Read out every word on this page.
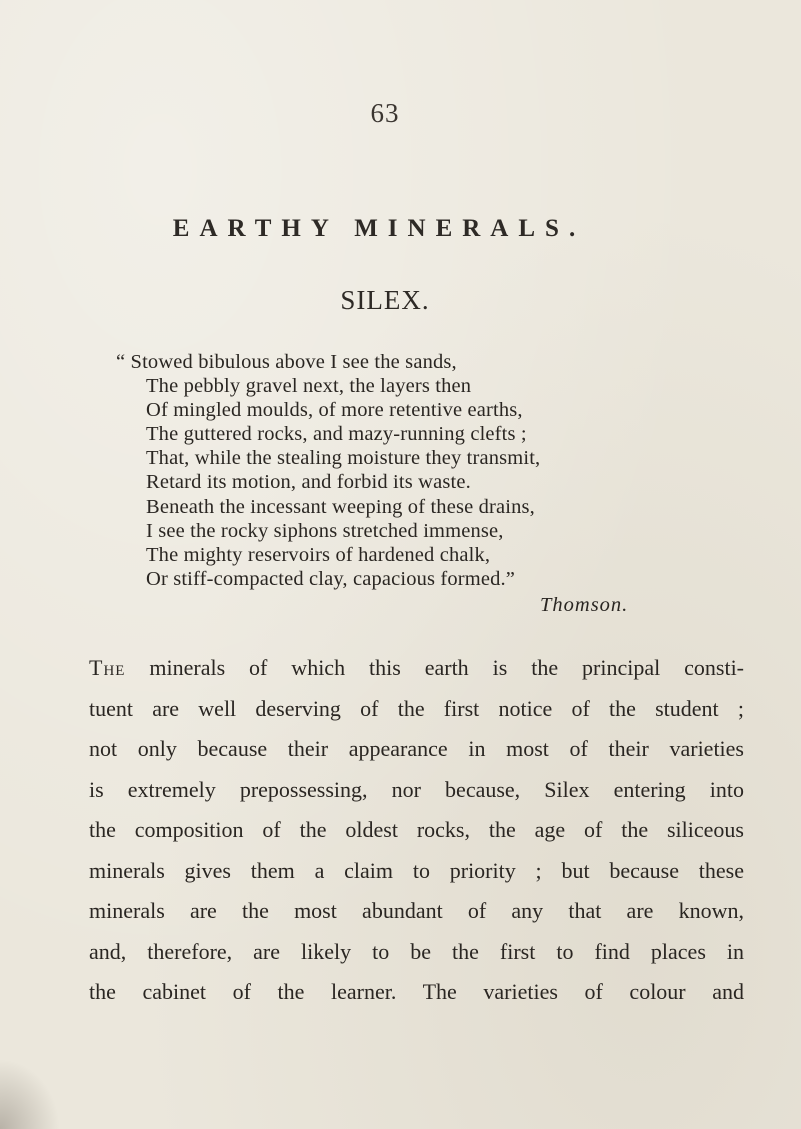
63
EARTHY MINERALS.
SILEX.
“ Stowed bibulous above I see the sands,
The pebbly gravel next, the layers then
Of mingled moulds, of more retentive earths,
The guttered rocks, and mazy-running clefts ;
That, while the stealing moisture they transmit,
Retard its motion, and forbid its waste.
Beneath the incessant weeping of these drains,
I see the rocky siphons stretched immense,
The mighty reservoirs of hardened chalk,
Or stiff-compacted clay, capacious formed.”
Thomson.
The minerals of which this earth is the principal consti-
tuent are well deserving of the first notice of the student ;
not only because their appearance in most of their varieties
is extremely prepossessing, nor because, Silex entering into
the composition of the oldest rocks, the age of the siliceous
minerals gives them a claim to priority ; but because these
minerals are the most abundant of any that are known,
and, therefore, are likely to be the first to find places in
the cabinet of the learner. The varieties of colour and
